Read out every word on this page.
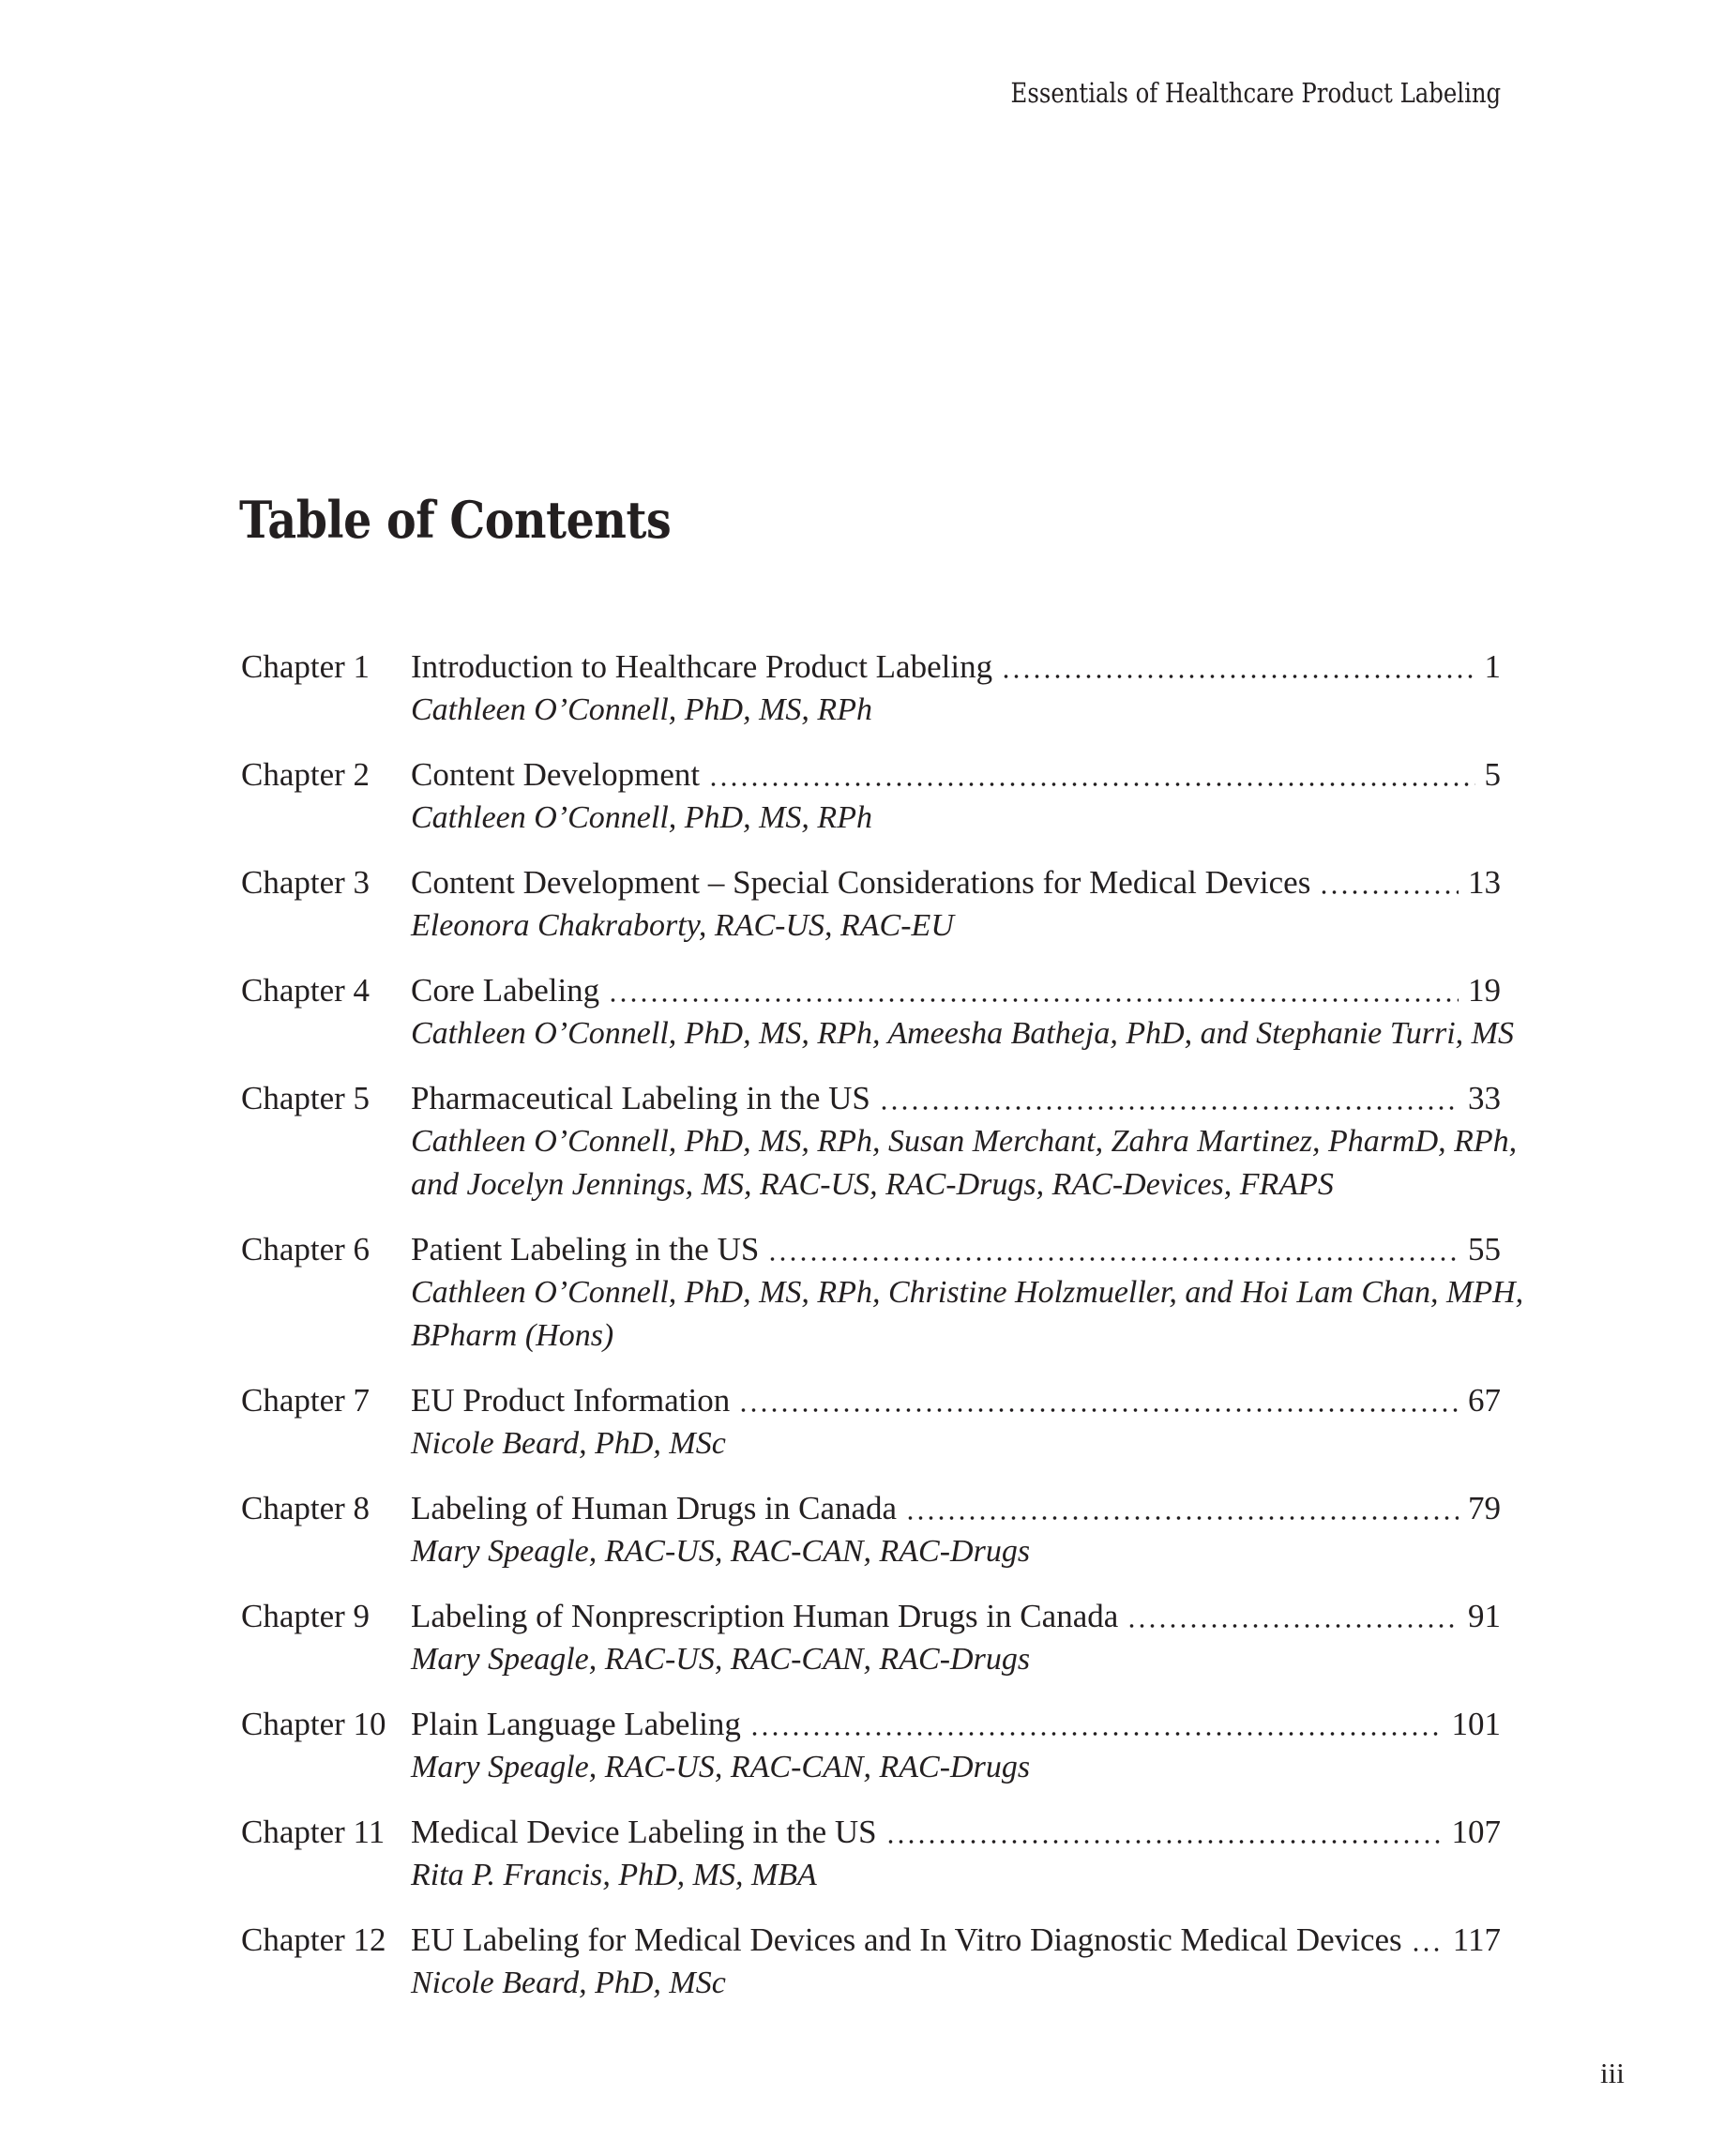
Essentials of Healthcare Product Labeling
Table of Contents
Chapter 1	Introduction to Healthcare Product Labeling	1
Cathleen O’Connell, PhD, MS, RPh
Chapter 2	Content Development	5
Cathleen O’Connell, PhD, MS, RPh
Chapter 3	Content Development – Special Considerations for Medical Devices	13
Eleonora Chakraborty, RAC-US, RAC-EU
Chapter 4	Core Labeling	19
Cathleen O’Connell, PhD, MS, RPh, Ameesha Batheja, PhD, and Stephanie Turri, MS
Chapter 5	Pharmaceutical Labeling in the US	33
Cathleen O’Connell, PhD, MS, RPh, Susan Merchant, Zahra Martinez, PharmD, RPh,
and Jocelyn Jennings, MS, RAC-US, RAC-Drugs, RAC-Devices, FRAPS
Chapter 6	Patient Labeling in the US	55
Cathleen O’Connell, PhD, MS, RPh, Christine Holzmueller, and Hoi Lam Chan, MPH,
BPharm (Hons)
Chapter 7	EU Product Information	67
Nicole Beard, PhD, MSc
Chapter 8	Labeling of Human Drugs in Canada	79
Mary Speagle, RAC-US, RAC-CAN, RAC-Drugs
Chapter 9	Labeling of Nonprescription Human Drugs in Canada	91
Mary Speagle, RAC-US, RAC-CAN, RAC-Drugs
Chapter 10 Plain Language Labeling	101
Mary Speagle, RAC-US, RAC-CAN, RAC-Drugs
Chapter 11 Medical Device Labeling in the US	107
Rita P. Francis, PhD, MS, MBA
Chapter 12 EU Labeling for Medical Devices and In Vitro Diagnostic Medical Devices 117
Nicole Beard, PhD, MSc
iii
